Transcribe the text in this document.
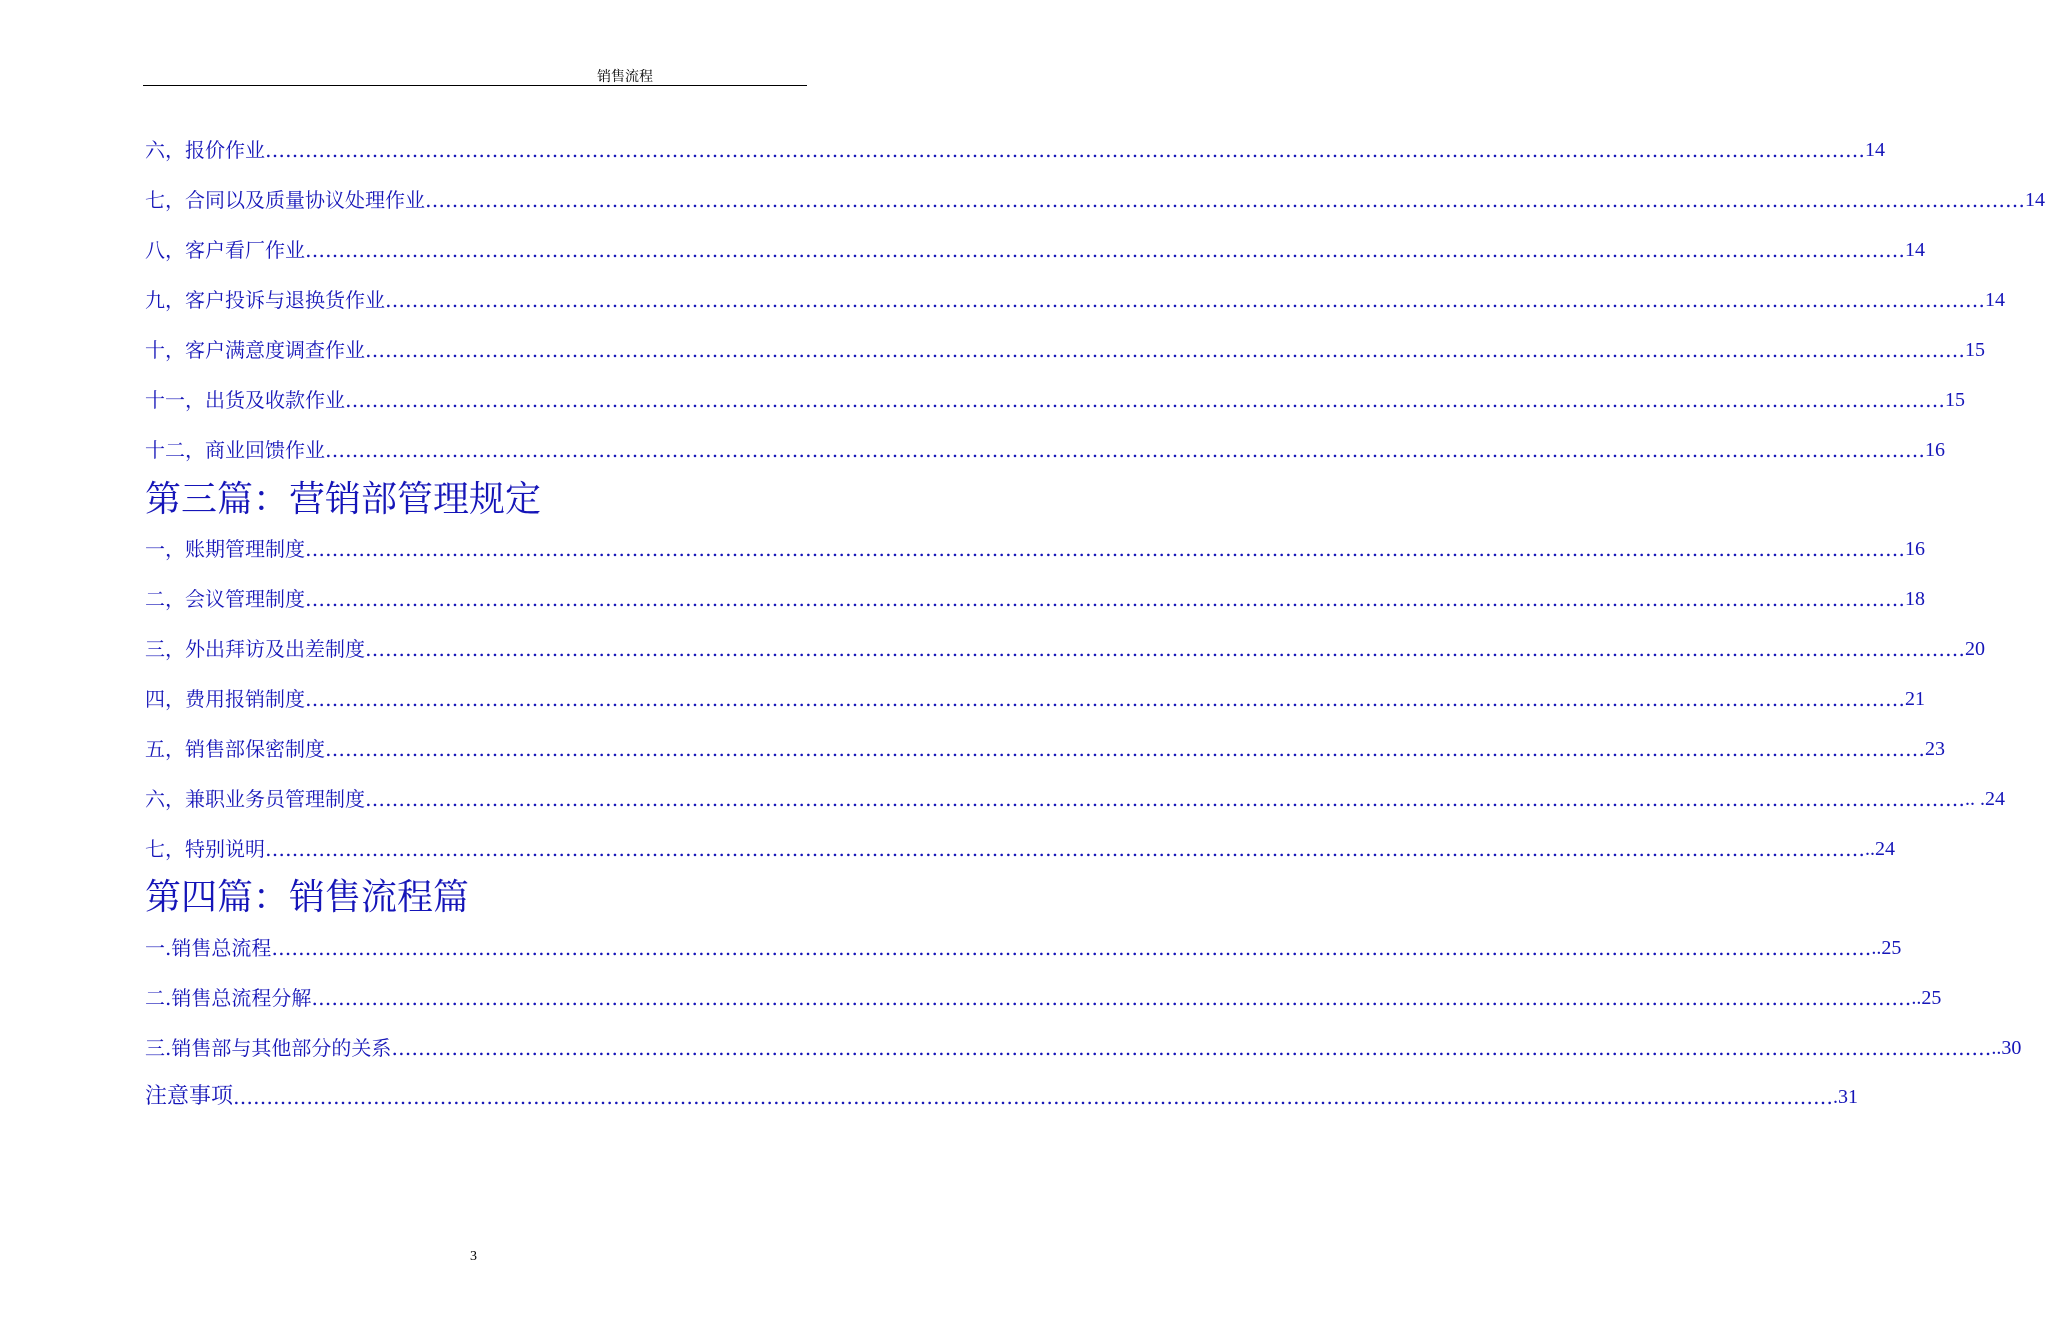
销售流程
六， 报价作业 …………………………………………………………………………………………………………………………………………………………………………………………………………………… 14
七， 合同以及质量协议处理作业 …………………………………………………………………………………………………………………………………………………………………………………………………………………… 14
八， 客户看厂作业 …………………………………………………………………………………………………………………………………………………………………………………………………………………… 14
九， 客户投诉与退换货作业 …………………………………………………………………………………………………………………………………………………………………………………………………………………… 14
十， 客户满意度调查作业 …………………………………………………………………………………………………………………………………………………………………………………………………………………… 15
十一， 出货及收款作业 …………………………………………………………………………………………………………………………………………………………………………………………………………………… 15
十二， 商业回馈作业 …………………………………………………………………………………………………………………………………………………………………………………………………………………… 16
第三篇：营销部管理规定
一， 账期管理制度 …………………………………………………………………………………………………………………………………………………………………………………………………………………… 16
二， 会议管理制度 …………………………………………………………………………………………………………………………………………………………………………………………………………………… 18
三， 外出拜访及出差制度 …………………………………………………………………………………………………………………………………………………………………………………………………………………… 20
四， 费用报销制度 …………………………………………………………………………………………………………………………………………………………………………………………………………………… 21
五， 销售部保密制度 …………………………………………………………………………………………………………………………………………………………………………………………………………………… 23
六， 兼职业务员管理制度 …………………………………………………………………………………………………………………………………………………………………………………………………………………… .. .24
七， 特别说明 …………………………………………………………………………………………………………………………………………………………………………………………………………………… ..24
第四篇：销售流程篇
一. 销售总流程 …………………………………………………………………………………………………………………………………………………………………………………………………………………… ..25
二. 销售总流程分解 …………………………………………………………………………………………………………………………………………………………………………………………………………………… ..25
三. 销售部与其他部分的关系 …………………………………………………………………………………………………………………………………………………………………………………………………………………… ..30
注意事项 …………………………………………………………………………………………………………………………………………………………………………………………………………………… .31
3
